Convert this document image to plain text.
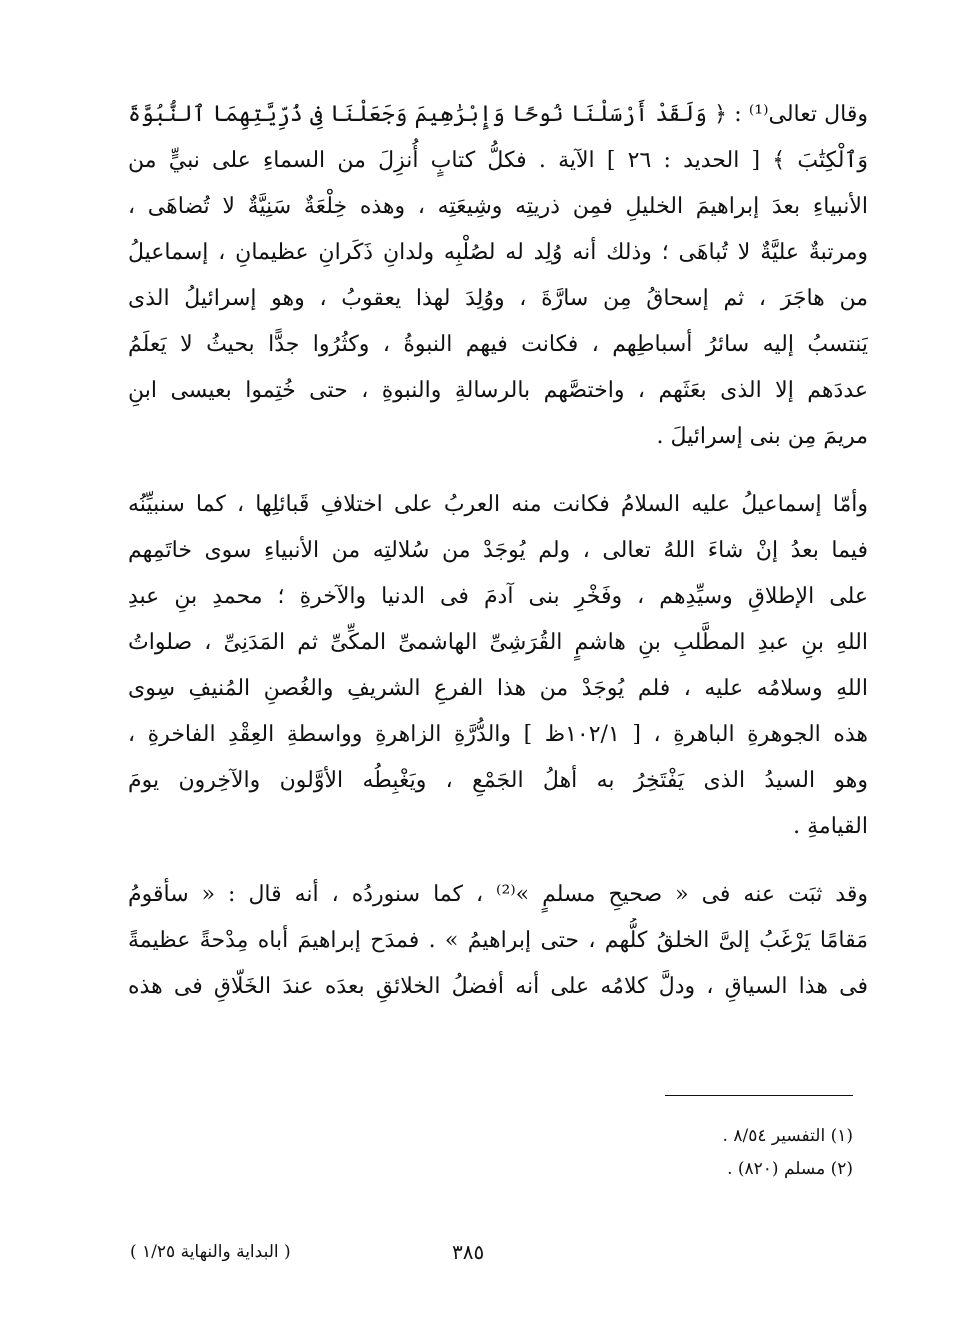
وقال تعالى⁽¹⁾ : ﴿ وَلَقَدْ أَرْسَلْنَا نُوحًا وَإِبْرَٰهِيمَ وَجَعَلْنَا فِى ذُرِّيَّتِهِمَا ٱلنُّبُوَّةَ
وَٱلْكِتَٰبَ ﴾ [ الحديد : ٢٦ ] الآية . فكلُّ كتابٍ أُنزِلَ من السماءِ على نبيٍّ من
الأنبياءِ بعدَ إبراهيمَ الخليلِ فمِن ذريتِه وشِيعَتِه ، وهذه خِلْعَةٌ سَنِيَّةٌ لا تُضاهَى ،
ومرتبةٌ عليَّةٌ لا تُباهَى ؛ وذلك أنه وُلِد له لصُلْبِه ولدانِ ذَكَرانِ عظيمانِ ، إسماعيلُ
من هاجَرَ ، ثم إسحاقُ مِن سارَّةَ ، ووُلِدَ لهذا يعقوبُ ، وهو إسرائيلُ الذى
يَنتسبُ إليه سائرُ أسباطِهم ، فكانت فيهم النبوةُ ، وكثُرُوا جدًّا بحيثُ لا يَعلَمُ
عددَهم إلا الذى بعَثَهم ، واختصَّهم بالرسالةِ والنبوةِ ، حتى خُتِموا بعيسى ابنِ
مريمَ مِن بنى إسرائيلَ .
وأمّا إسماعيلُ عليه السلامُ فكانت منه العربُ على اختلافِ قَبائلِها ، كما سنبيِّنُه
فيما بعدُ إنْ شاءَ اللهُ تعالى ، ولم يُوجَدْ من سُلالتِه من الأنبياءِ سوى خاتَمِهم
على الإطلاقِ وسيِّدِهم ، وفَخْرِ بنى آدمَ فى الدنيا والآخرةِ ؛ محمدِ بنِ عبدِ
اللهِ بنِ عبدِ المطَّلبِ بنِ هاشمٍ القُرَشِىِّ الهاشمىِّ المكِّىِّ ثم المَدَنِىِّ ، صلواتُ
اللهِ وسلامُه عليه ، فلم يُوجَدْ من هذا الفرعِ الشريفِ والغُصنِ المُنيفِ سِوى
هذه الجوهرةِ الباهرةِ ، [ ١٠٢/١ظ ] والدُّرَّةِ الزاهرةِ وواسطةِ العِقْدِ الفاخرةِ ،
وهو السيدُ الذى يَفْتَخِرُ به أهلُ الجَمْعِ ، ويَغْبِطُه الأوَّلون والآخِرون يومَ
القيامةِ .
وقد ثبَت عنه فى « صحيحِ مسلمٍ »⁽²⁾ ، كما سنوردُه ، أنه قال : « سأقومُ
مَقامًا يَرْغَبُ إلىَّ الخلقُ كلُّهم ، حتى إبراهيمُ » . فمدَح إبراهيمَ أباه مِدْحةً عظيمةً
فى هذا السياقِ ، ودلَّ كلامُه على أنه أفضلُ الخلائقِ بعدَه عندَ الخَلّاقِ فى هذه
(١) التفسير ٨/٥٤ .
(٢) مسلم (٨٢٠) .
٣٨٥
( البداية والنهاية ١/٢٥ )
